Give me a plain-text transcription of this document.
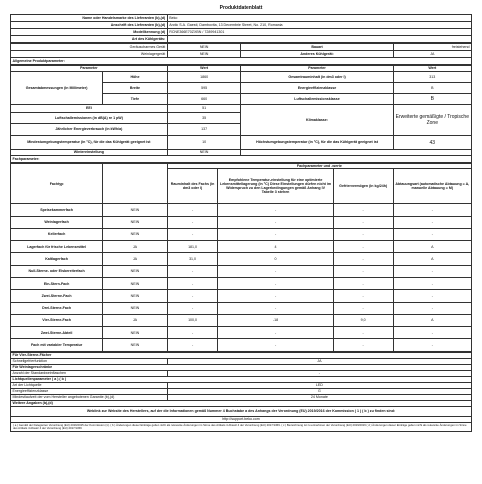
Produktdatenblatt
Name oder Handelsmarke des Lieferanten (b),(d)	Beko
Anschrift des Lieferanten (b),(d)	Arctic S.A. Gaesti, Dambovita, 13 Decembrie Street, No. 210, Romania
Modellkennung (d)	RCNE366E70ZXBN / 7289941301
Art des Kühlgeräts:	
Geräuscharmes Gerät	NEIN	Bauart	freistehend
Weinlagergerät	NEIN	Anderes Kühlgerät:	JA
Allgemeine Produktparameter:			
Parameter		Wert	Parameter	Wert
Gesamtabmessungen (in Millimeter)	Höhe	1860	Gesamtrauminhalt (in dm3 oder l)	313
	Breite	595	Energieeffizienzklasse	B
	Tiefe	660	Luftschallemissionsklasse	B
EEI		51	Klimaklasse:	Erweiterte gemäßigte / Tropische Zone
Luftschallemissionen (in dB(A) re 1 pW)		35		
Jährlicher Energieverbrauch (in kWh/a)		137		
Mindestumgebungstemperatur (in °C), für die das Kühlgerät geeignet ist		10	Höchstumgebungstemperatur (in °C), für die das Kühlgerät geeignet ist	43
Wintereinstellung		NEIN		
Fachparameter:				
Fachtyp		Fachparameter und -werte			
		Rauminhalt des Fachs (in dm3 oder l)	Empfohlene Temperatur-einstellung für eine optimierte Lebensmittellagerung (in °C) Diese Einstellungen dürfen nicht im Widerspruch zu den Lagerbedingungen gemäß Anhang IV Tabelle 3 stehen	Gefriervermögen (in kg/24h)	Abtauungsart (automatische Abtauung = A, manuelle Abtauung = M)
Speisekammerfach	NEIN	-	-	-	-
Weinlagerfach	NEIN	-	-	-	-
Kellerfach	NEIN	-	-	-	-
Lagerfach für frische Lebensmittel	JA	181,0	4	-	A
Kaltlagerfach	JA	31,0	0	-	A
Null-Sterne- oder Eisbereiterfach	NEIN	-	-	-	-
Ein-Stern-Fach	NEIN	-	-	-	-
Zwei-Sterne-Fach	NEIN	-	-	-	-
Drei-Sterne-Fach	NEIN	-	-	-	-
Vier-Sterne-Fach	JA	100,0	-18	9,0	A
Zwei-Sterne-Abteil	NEIN	-	-	-	-
Fach mit variabler Temperatur	NEIN	-	-	-	-
Für Vier-Sterne-Fächer	
Schnellgefrierfunktion	JA
Für Weinlagerschränke	
Anzahl der Standardweinflaschen	-
Lichtquellenparameter ( a ) ( b )	
Art der Lichtquelle	LED
Energieeffizienzklasse	G
Mindestlaufzeit der vom Hersteller angebotenen Garantie (b),(d)	24 Monate
Weitere Angaben (b),(d)	
Weblink zur Website des Herstellers, auf der die Informationen gemäß Nummer 4 Buchstabe a des Anhangs der Verordnung (EU) 2019/2016 der Kommission ( 1 ) ( b ) zu finden sind:	
http://support.beko.com	
( a ) Gemäß der Delegierten Verordnung (EU) 2019/2015 der Kommission (1). ( b ) Änderungen dieser Einträge gelten nicht als relevante Änderungen im Sinne des Artikels 4 Absatz 4 der Verordnung (EU) 2017/1369. ( c ) Bezeichnung ist zu entnehmen der Verordnung (EU) 2019/2016 ( d ) Änderungen dieser Einträge gelten nicht als relevante Änderungen im Sinne des Artikels 4 Absatz 4 der Verordnung (EU) 2017/1369	
